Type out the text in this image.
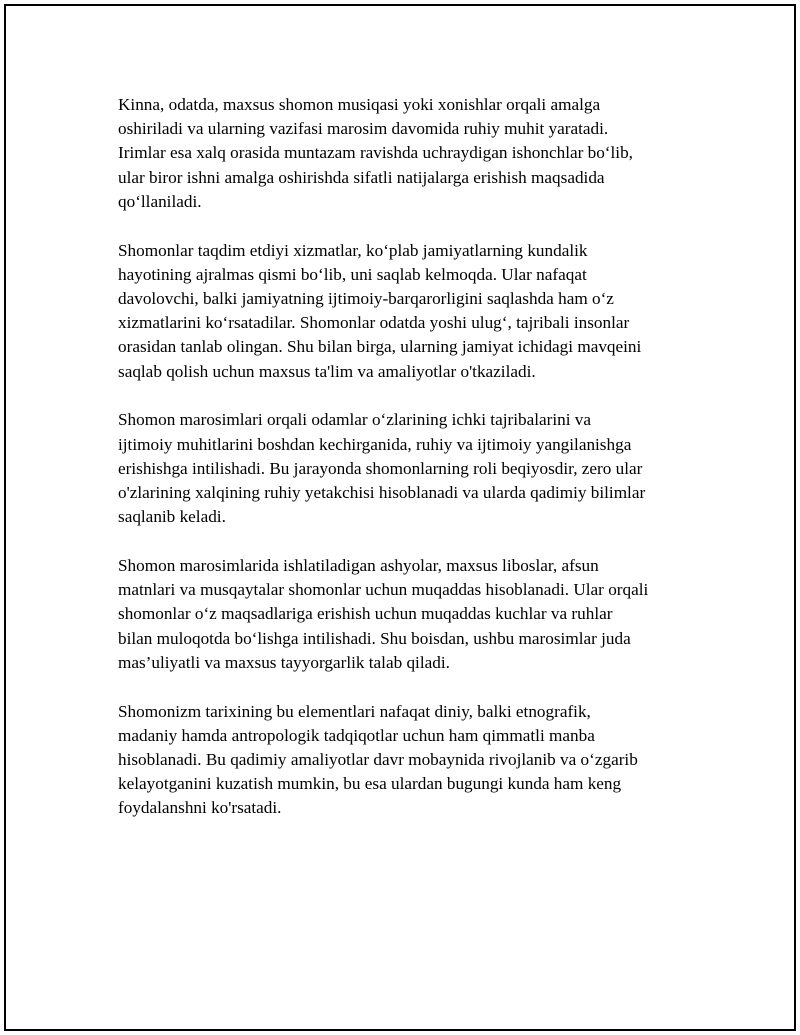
Kinna, odatda, maxsus shomon musiqasi yoki xonishlar orqali amalga
oshiriladi va ularning vazifasi marosim davomida ruhiy muhit yaratadi.
Irimlar esa xalq orasida muntazam ravishda uchraydigan ishonchlar bo‘lib,
ular biror ishni amalga oshirishda sifatli natijalarga erishish maqsadida
qo‘llaniladi.

Shomonlar taqdim etdiyi xizmatlar, ko‘plab jamiyatlarning kundalik
hayotining ajralmas qismi bo‘lib, uni saqlab kelmoqda. Ular nafaqat
davolovchi, balki jamiyatning ijtimoiy-barqarorligini saqlashda ham o‘z
xizmatlarini ko‘rsatadilar. Shomonlar odatda yoshi ulug‘, tajribali insonlar
orasidan tanlab olingan. Shu bilan birga, ularning jamiyat ichidagi mavqeini
saqlab qolish uchun maxsus ta'lim va amaliyotlar o'tkaziladi.

Shomon marosimlari orqali odamlar o‘zlarining ichki tajribalarini va
ijtimoiy muhitlarini boshdan kechirganida, ruhiy va ijtimoiy yangilanishga
erishishga intilishadi. Bu jarayonda shomonlarning roli beqiyosdir, zero ular
o'zlarining xalqining ruhiy yetakchisi hisoblanadi va ularda qadimiy bilimlar
saqlanib keladi.

Shomon marosimlarida ishlatiladigan ashyolar, maxsus liboslar, afsun
matnlari va musqaytalar shomonlar uchun muqaddas hisoblanadi. Ular orqali
shomonlar o‘z maqsadlariga erishish uchun muqaddas kuchlar va ruhlar
bilan muloqotda bo‘lishga intilishadi. Shu boisdan, ushbu marosimlar juda
mas’uliyatli va maxsus tayyorgarlik talab qiladi.

Shomonizm tarixining bu elementlari nafaqat diniy, balki etnografik,
madaniy hamda antropologik tadqiqotlar uchun ham qimmatli manba
hisoblanadi. Bu qadimiy amaliyotlar davr mobaynida rivojlanib va o‘zgarib
kelayotganini kuzatish mumkin, bu esa ulardan bugungi kunda ham keng
foydalanshni ko'rsatadi.
